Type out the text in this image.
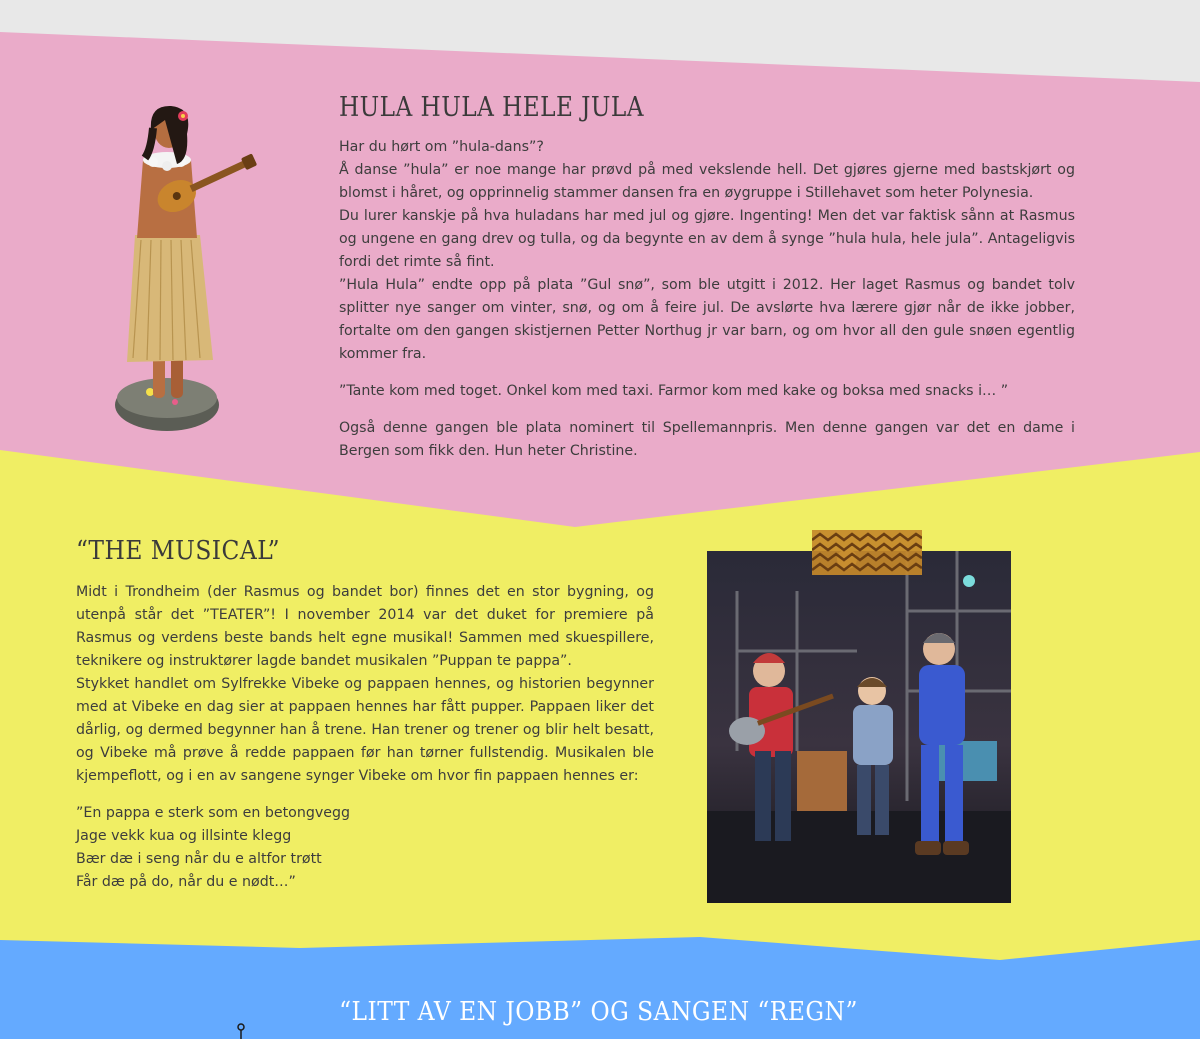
HULA HULA HELE JULA

Har du hørt om ”hula-dans”?

Å danse ”hula” er noe mange har prøvd på med vekslende hell. Det gjøres gjerne med bastskjørt og blomst i håret, og opprinnelig stammer dansen fra en øygruppe i Stillehavet som heter Polynesia.

Du lurer kanskje på hva huladans har med jul og gjøre. Ingenting! Men det var faktisk sånn at Rasmus og ungene en gang drev og tulla, og da begynte en av dem å synge ”hula hula, hele jula”. Antageligvis fordi det rimte så fint.

”Hula Hula” endte opp på plata ”Gul snø”, som ble utgitt i 2012. Her laget Rasmus og bandet tolv splitter nye sanger om vinter, snø, og om å feire jul. De avslørte hva lærere gjør når de ikke jobber, fortalte om den gangen skistjernen Petter Northug jr var barn, og om hvor all den gule snøen egentlig kommer fra.

”Tante kom med toget. Onkel kom med taxi. Farmor kom med kake og boksa med snacks i… ”

Også denne gangen ble plata nominert til Spellemannpris. Men denne gangen var det en dame i Bergen som fikk den. Hun heter Christine.

“THE MUSICAL”

Midt i Trondheim (der Rasmus og bandet bor) finnes det en stor bygning, og utenpå står det ”TEATER”! I november 2014 var det duket for premiere på Rasmus og verdens beste bands helt egne musikal! Sammen med skuespillere, teknikere og instruktører lagde bandet musikalen ”Puppan te pappa”.

Stykket handlet om Sylfrekke Vibeke og pappaen hennes, og historien begynner med at Vibeke en dag sier at pappaen hennes har fått pupper. Pappaen liker det dårlig, og dermed begynner han å trene. Han trener og trener og blir helt besatt, og Vibeke må prøve å redde pappaen før han tørner fullstendig. Musikalen ble kjempeflott, og i en av sangene synger Vibeke om hvor fin pappaen hennes er:

”En pappa e sterk som en betongvegg
Jage vekk kua og illsinte klegg
Bær dæ i seng når du e altfor trøtt
Får dæ på do, når du e nødt…”
“LITT AV EN JOBB” OG SANGEN “REGN”
